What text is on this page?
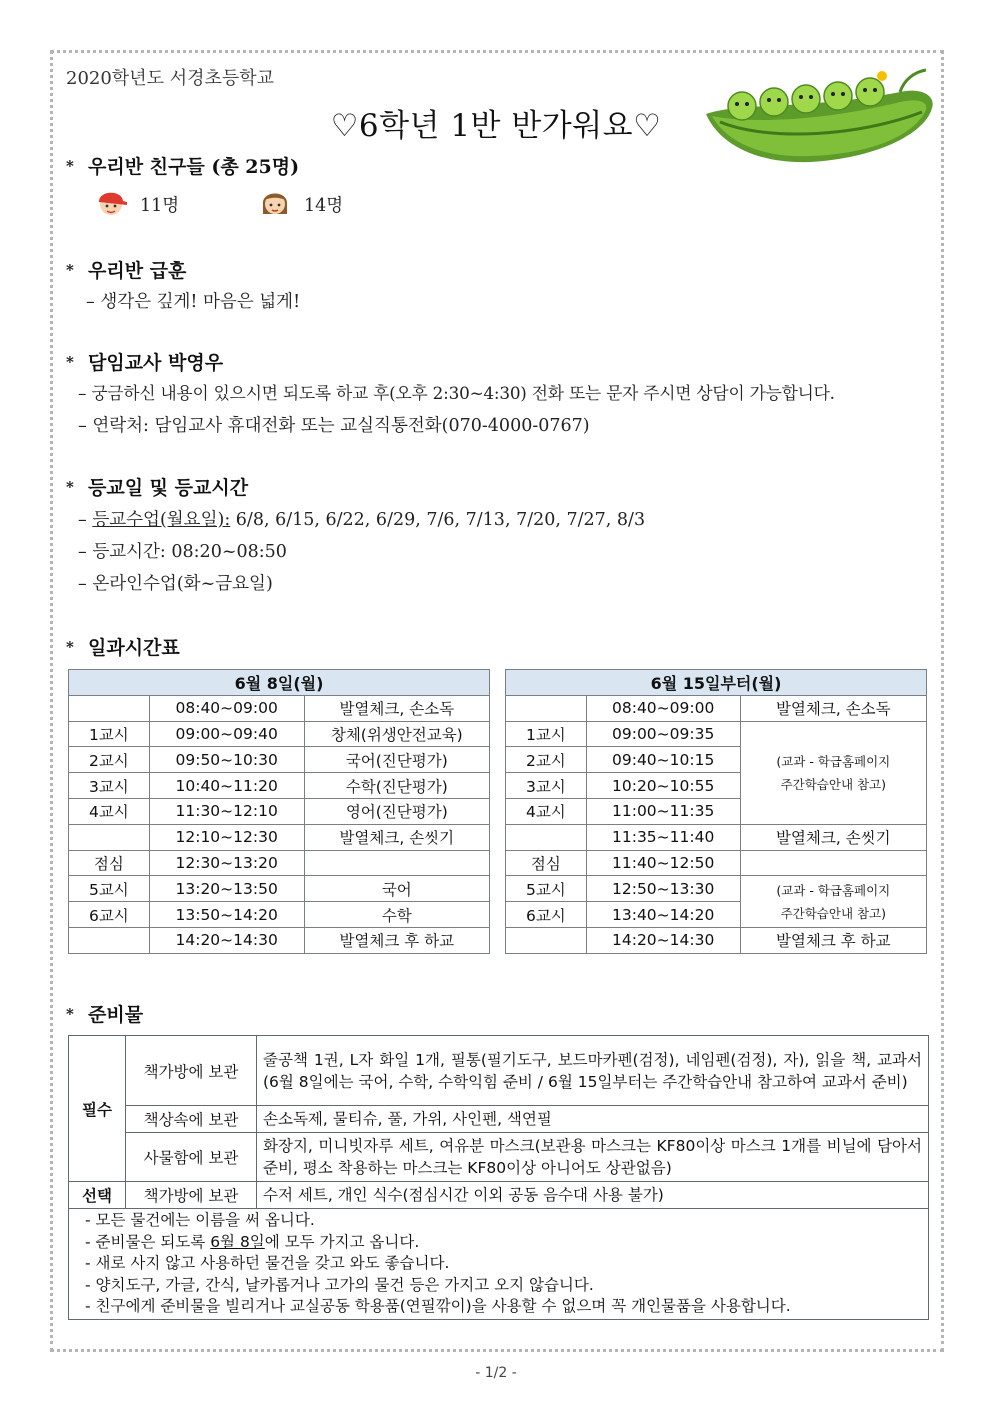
2020학년도 서경초등학교
♡6학년 1반 반가워요♡
* 우리반 친구들 (총 25명)
11명	14명
* 우리반 급훈
– 생각은 깊게! 마음은 넓게!
* 담임교사 박영우
– 궁금하신 내용이 있으시면 되도록 하교 후(오후 2:30~4:30) 전화 또는 문자 주시면 상담이 가능합니다.
– 연락처: 담임교사 휴대전화 또는 교실직통전화(070-4000-0767)
* 등교일 및 등교시간
– 등교수업(월요일): 6/8, 6/15, 6/22, 6/29, 7/6, 7/13, 7/20, 7/27, 8/3
– 등교시간: 08:20~08:50
– 온라인수업(화~금요일)
* 일과시간표
6월 8일(월)		
	08:40~09:00	발열체크, 손소독
1교시	09:00~09:40	창체(위생안전교육)
2교시	09:50~10:30	국어(진단평가)
3교시	10:40~11:20	수학(진단평가)
4교시	11:30~12:10	영어(진단평가)
	12:10~12:30	발열체크, 손씻기
점심	12:30~13:20	
5교시	13:20~13:50	국어
6교시	13:50~14:20	수학
	14:20~14:30	발열체크 후 하교
6월 15일부터(월)		
	08:40~09:00	발열체크, 손소독
1교시	09:00~09:35	(교과 - 학급홈페이지
주간학습안내 참고)
2교시	09:40~10:15	
3교시	10:20~10:55	
4교시	11:00~11:35	
	11:35~11:40	발열체크, 손씻기
점심	11:40~12:50	
5교시	12:50~13:30	(교과 - 학급홈페이지
주간학습안내 참고)
6교시	13:40~14:20	
	14:20~14:30	발열체크 후 하교
* 준비물
필수	책가방에 보관	줄공책 1권, L자 화일 1개, 필통(필기도구, 보드마카펜(검정), 네임펜(검정), 자), 읽을 책, 교과서(6월 8일에는 국어, 수학, 수학익힘 준비 / 6월 15일부터는 주간학습안내 참고하여 교과서 준비)
	책상속에 보관	손소독제, 물티슈, 풀, 가위, 사인펜, 색연필
	사물함에 보관	화장지, 미니빗자루 세트, 여유분 마스크(보관용 마스크는 KF80이상 마스크 1개를 비닐에 담아서 준비, 평소 착용하는 마스크는 KF80이상 아니어도 상관없음)
선택	책가방에 보관	수저 세트, 개인 식수(점심시간 이외 공동 음수대 사용 불가)

- 모든 물건에는 이름을 써 옵니다.
- 준비물은 되도록 6월 8일에 모두 가지고 옵니다.
- 새로 사지 않고 사용하던 물건을 갖고 와도 좋습니다.
- 양치도구, 가글, 간식, 날카롭거나 고가의 물건 등은 가지고 오지 않습니다.
- 친구에게 준비물을 빌리거나 교실공동 학용품(연필깎이)을 사용할 수 없으며 꼭 개인물품을 사용합니다.		
- 1/2 -
